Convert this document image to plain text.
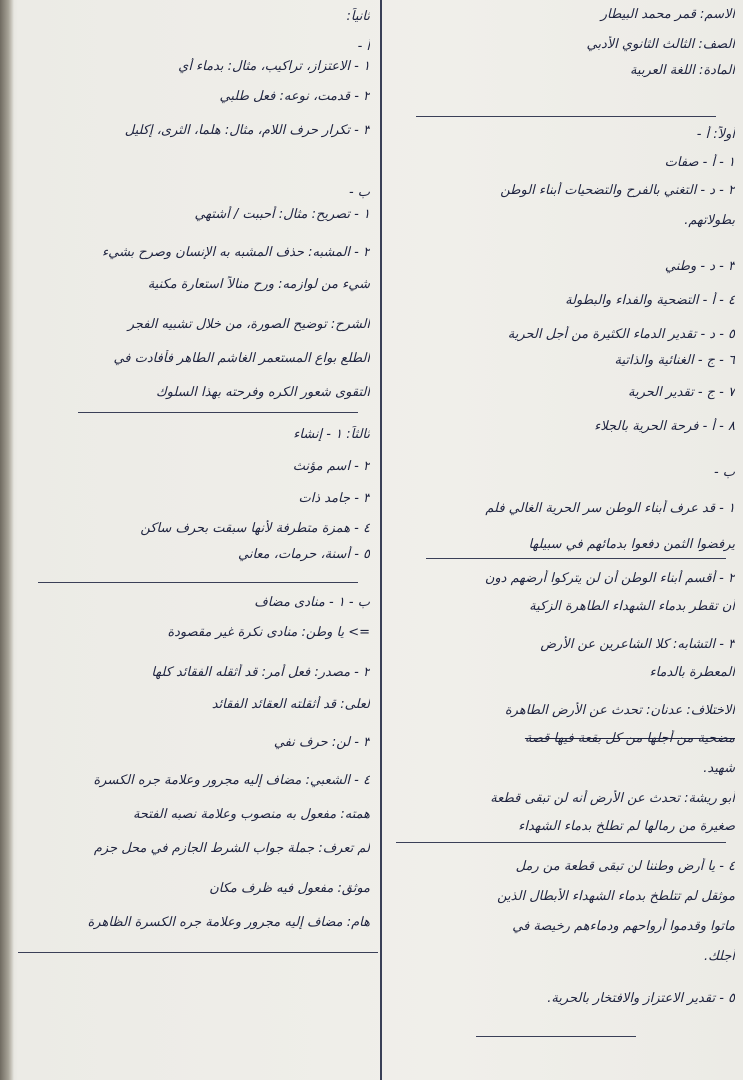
الاسم: قمر محمد البيطار
الصف: الثالث الثانوي الأدبي
المادة: اللغة العربية
أولاً: أ -
١ - أ - صفات
٢ - د - التغني بالفرح والتضحيات أبناء الوطن
بطولاتهم.
٣ - د - وطني
٤ - أ - التضحية والفداء والبطولة
٥ - د - تقدير الدماء الكثيرة من أجل الحرية
٦ - ج - الغنائية والذاتية
٧ - ج - تقدير الحرية
٨ - أ - فرحة الحرية بالجلاء
ب -
١ - قد عرف أبناء الوطن سر الحرية الغالي فلم
يرفضوا الثمن دفعوا بدمائهم في سبيلها
٢ - أقسم أبناء الوطن أن لن يتركوا أرضهم دون
أن تقطر بدماء الشهداء الطاهرة الزكية
٣ - التشابه: كلا الشاعرين عن الأرض
المعطرة بالدماء
الاختلاف: عدنان: تحدث عن الأرض الطاهرة
مضحية من أجلها من كل بقعة فيها قصة
شهيد.
أبو ريشة: تحدث عن الأرض أنه لن تبقى قطعة
صغيرة من رمالها لم تطلخ بدماء الشهداء
٤ - يا أرض وطننا لن تبقى قطعة من رمل
موثقل لم تتلطخ بدماء الشهداء الأبطال الذين
ماتوا وقدموا أرواحهم ودماءهم رخيصة في
أجلك.
٥ - تقدير الاعتزاز والافتخار بالحرية.
ثانياً:
أ -
١ - الاعتزاز، تراكيب، مثال: بدماء أي
٢ - قدمت، نوعه: فعل طلبي
٣ - تكرار حرف اللام، مثال: هلما، الثرى، إكليل
ب -
١ - تصريح: مثال: أحببت / أشتهي
٢ - المشبه: حذف المشبه به الإنسان وصرح بشيء
شيء من لوازمه: ورح منالاً استعارة مكنية
الشرح: توضيح الصورة، من خلال تشبيه الفجر
الطلع بواع المستعمر الغاشم الطاهر فأفادت في
التقوى شعور الكره وفرحته بهذا السلوك
ثالثاً: ١ - إنشاء
٢ - اسم مؤنث
٣ - جامد ذات
٤ - همزة متطرفة لأنها سبقت بحرف ساكن
٥ - أسنة، حرمات، معاني
ب - ١ - منادى مضاف
=> يا وطن: منادى نكرة غير مقصودة
٢ - مصدر: فعل أمر: قد أثقله الفقائد كلها
لعلى: قد أثقلته العقائد الفقائد
٣ - لن: حرف نفي
٤ - الشعبي: مضاف إليه مجرور وعلامة جره الكسرة
همته: مفعول به منصوب وعلامة نصبه الفتحة
لم تعرف: جملة جواب الشرط الجازم في محل جزم
موثق: مفعول فيه ظرف مكان
هام: مضاف إليه مجرور وعلامة جره الكسرة الظاهرة
